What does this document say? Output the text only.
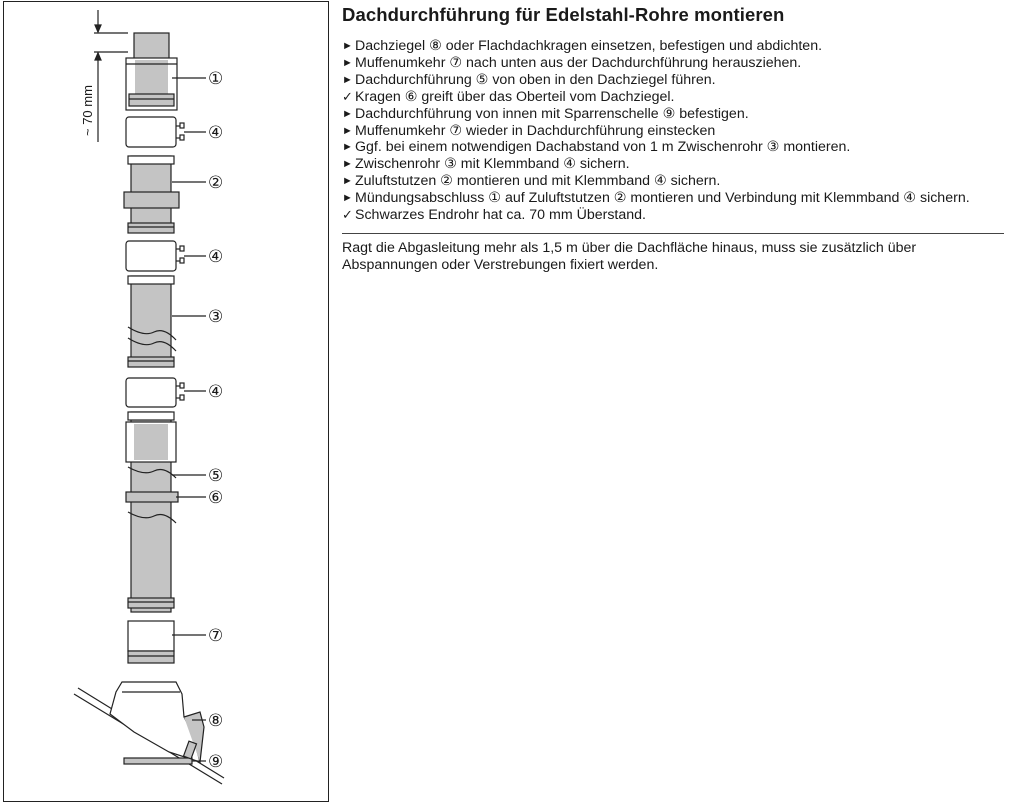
~ 70 mm
①
④
②
④
③
④
⑤
⑥
⑦
⑧
⑨
Dachdurchführung für Edelstahl-Rohre montieren
► Dachziegel ⑧ oder Flachdachkragen einsetzen, befestigen und abdichten.
► Muffenumkehr ⑦ nach unten aus der Dachdurchführung herausziehen.
► Dachdurchführung ⑤ von oben in den Dachziegel führen.
✓ Kragen ⑥ greift über das Oberteil vom Dachziegel.
► Dachdurchführung von innen mit Sparrenschelle ⑨ befestigen.
► Muffenumkehr ⑦ wieder in Dachdurchführung einstecken
► Ggf. bei einem notwendigen Dachabstand von 1 m Zwischenrohr ③ montieren.
► Zwischenrohr ③ mit Klemmband ④ sichern.
► Zuluftstutzen ② montieren und mit Klemmband ④ sichern.
► Mündungsabschluss ① auf Zuluftstutzen ② montieren und Verbindung mit Klemmband ④ sichern.
✓ Schwarzes Endrohr hat ca. 70 mm Überstand.

Ragt die Abgasleitung mehr als 1,5 m über die Dachfläche hinaus, muss sie zusätzlich über Abspannungen oder Verstrebungen fixiert werden.
